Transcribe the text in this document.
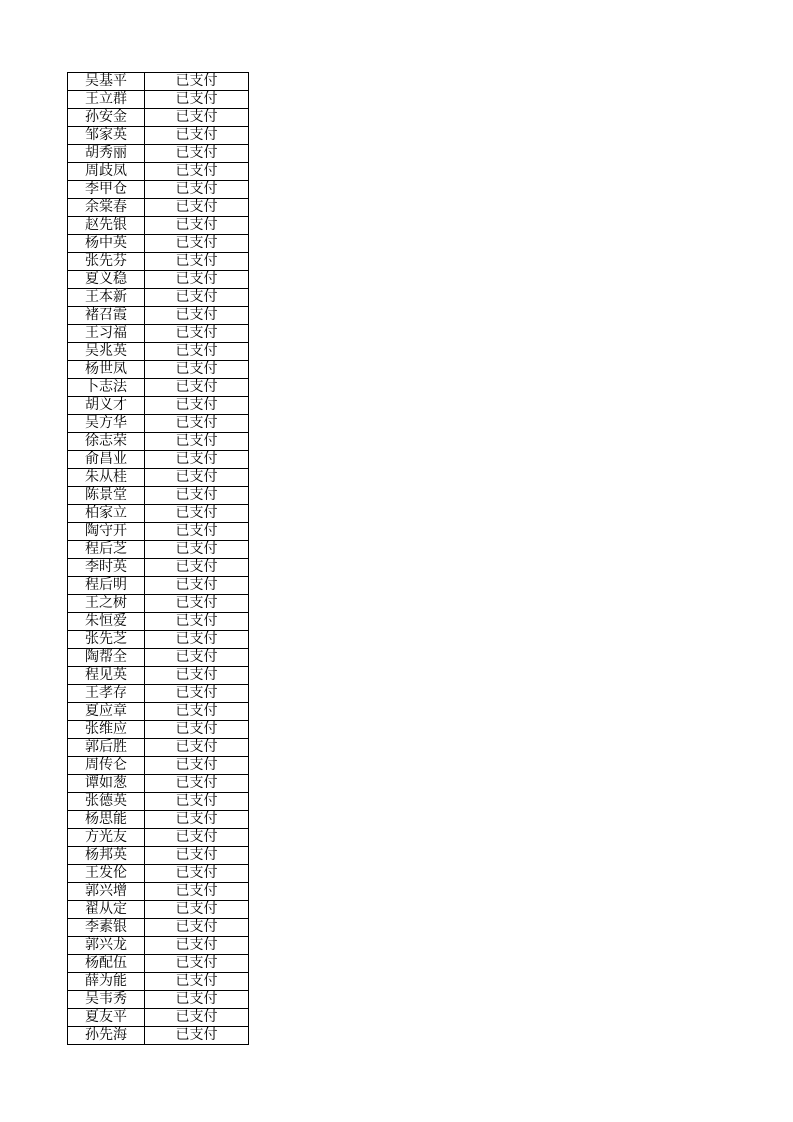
吴基平	已支付
王立群	已支付
孙安金	已支付
邹家英	已支付
胡秀丽	已支付
周歧凤	已支付
李甲仓	已支付
余棠春	已支付
赵先银	已支付
杨中英	已支付
张先芬	已支付
夏义稳	已支付
王本新	已支付
褚召霞	已支付
王习福	已支付
吴兆英	已支付
杨世凤	已支付
卜志法	已支付
胡义才	已支付
吴方华	已支付
徐志荣	已支付
俞昌业	已支付
朱从桂	已支付
陈景堂	已支付
柏家立	已支付
陶守开	已支付
程后芝	已支付
李时英	已支付
程后明	已支付
王之树	已支付
朱恒爱	已支付
张先芝	已支付
陶帮全	已支付
程见英	已支付
王孝存	已支付
夏应章	已支付
张维应	已支付
郭后胜	已支付
周传仑	已支付
谭如葱	已支付
张德英	已支付
杨思能	已支付
方光友	已支付
杨邦英	已支付
王发伦	已支付
郭兴增	已支付
翟从定	已支付
李素银	已支付
郭兴龙	已支付
杨配伍	已支付
薛为能	已支付
吴韦秀	已支付
夏友平	已支付
孙先海	已支付
